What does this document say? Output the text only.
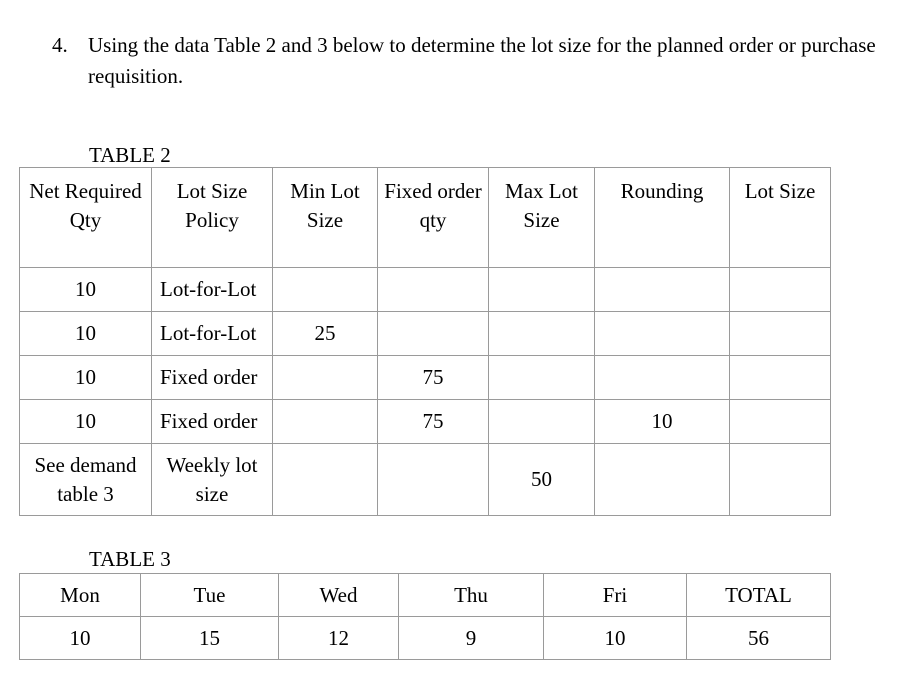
4. Using the data Table 2 and 3 below to determine the lot size for the planned order or purchase requisition.
TABLE 2
Net Required Qty	Lot Size Policy	Min Lot Size	Fixed order qty	Max Lot Size	Rounding	Lot Size
10	Lot-for-Lot					
10	Lot-for-Lot	25				
10	Fixed order		75			
10	Fixed order		75		10	
See demand table 3	Weekly lot size			50		
TABLE 3
Mon	Tue	Wed	Thu	Fri	TOTAL
10	15	12	9	10	56
